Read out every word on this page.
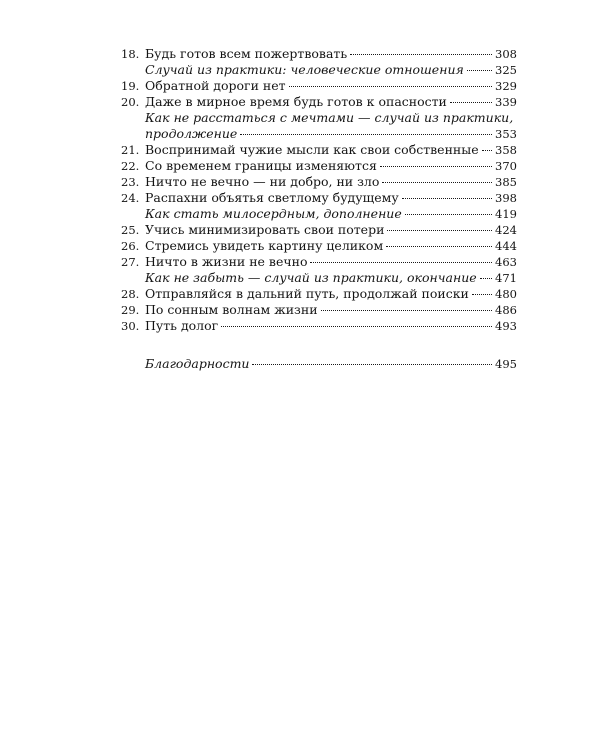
18. Будь готов всем пожертвовать	308
Случай из практики: человеческие отношения	325
19. Обратной дороги нет	329
20. Даже в мирное время будь готов к опасности	339
Как не расстаться с мечтами — случай из практики,
продолжение	353
21. Воспринимай чужие мысли как свои собственные 358
22. Со временем границы изменяются	370
23. Ничто не вечно — ни добро, ни зло	385
24. Распахни объятья светлому будущему	398
Как стать милосердным, дополнение	419
25. Учись минимизировать свои потери	424
26. Стремись увидеть картину целиком	444
27. Ничто в жизни не вечно	463
Как не забыть — случай из практики, окончание 471
28. Отправляйся в дальний путь, продолжай поиски 480
29. По сонным волнам жизни	486
30. Путь долог	493
Благодарности	495
